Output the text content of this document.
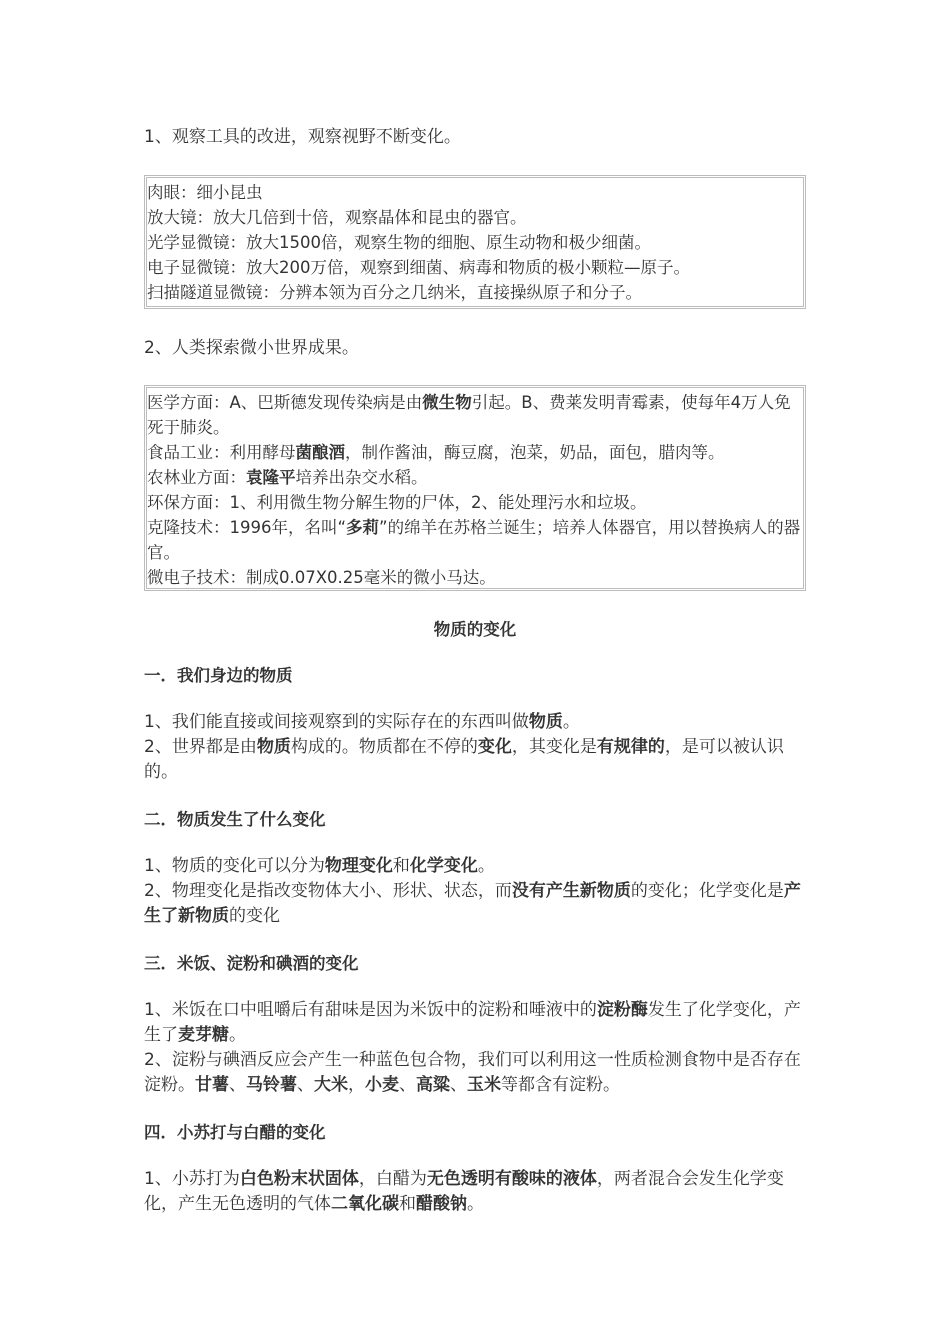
1、观察工具的改进，观察视野不断变化。

肉眼：细小昆虫

放大镜：放大几倍到十倍，观察晶体和昆虫的器官。

光学显微镜：放大1500倍，观察生物的细胞、原生动物和极少细菌。

电子显微镜：放大200万倍，观察到细菌、病毒和物质的极小颗粒—原子。

扫描隧道显微镜：分辨本领为百分之几纳米，直接操纵原子和分子。

2、人类探索微小世界成果。

医学方面：A、巴斯德发现传染病是由微生物引起。B、费莱发明青霉素，使每年4万人免死于肺炎。

食品工业：利用酵母菌酿酒，制作酱油，酶豆腐，泡菜，奶品，面包，腊肉等。

农林业方面：袁隆平培养出杂交水稻。

环保方面：1、利用微生物分解生物的尸体，2、能处理污水和垃圾。

克隆技术：1996年，名叫“多莉”的绵羊在苏格兰诞生；培养人体器官，用以替换病人的器官。

微电子技术：制成0.07X0.25毫米的微小马达。

物质的变化
一．我们身边的物质

1、我们能直接或间接观察到的实际存在的东西叫做物质。

2、世界都是由物质构成的。物质都在不停的变化，其变化是有规律的，是可以被认识的。

二．物质发生了什么变化

1、物质的变化可以分为物理变化和化学变化。

2、物理变化是指改变物体大小、形状、状态，而没有产生新物质的变化；化学变化是产生了新物质的变化

三．米饭、淀粉和碘酒的变化

1、米饭在口中咀嚼后有甜味是因为米饭中的淀粉和唾液中的淀粉酶发生了化学变化，产生了麦芽糖。

2、淀粉与碘酒反应会产生一种蓝色包合物，我们可以利用这一性质检测食物中是否存在淀粉。甘薯、马铃薯、大米，小麦、高粱、玉米等都含有淀粉。

四．小苏打与白醋的变化

1、小苏打为白色粉末状固体，白醋为无色透明有酸味的液体，两者混合会发生化学变化，产生无色透明的气体二氧化碳和醋酸钠。
